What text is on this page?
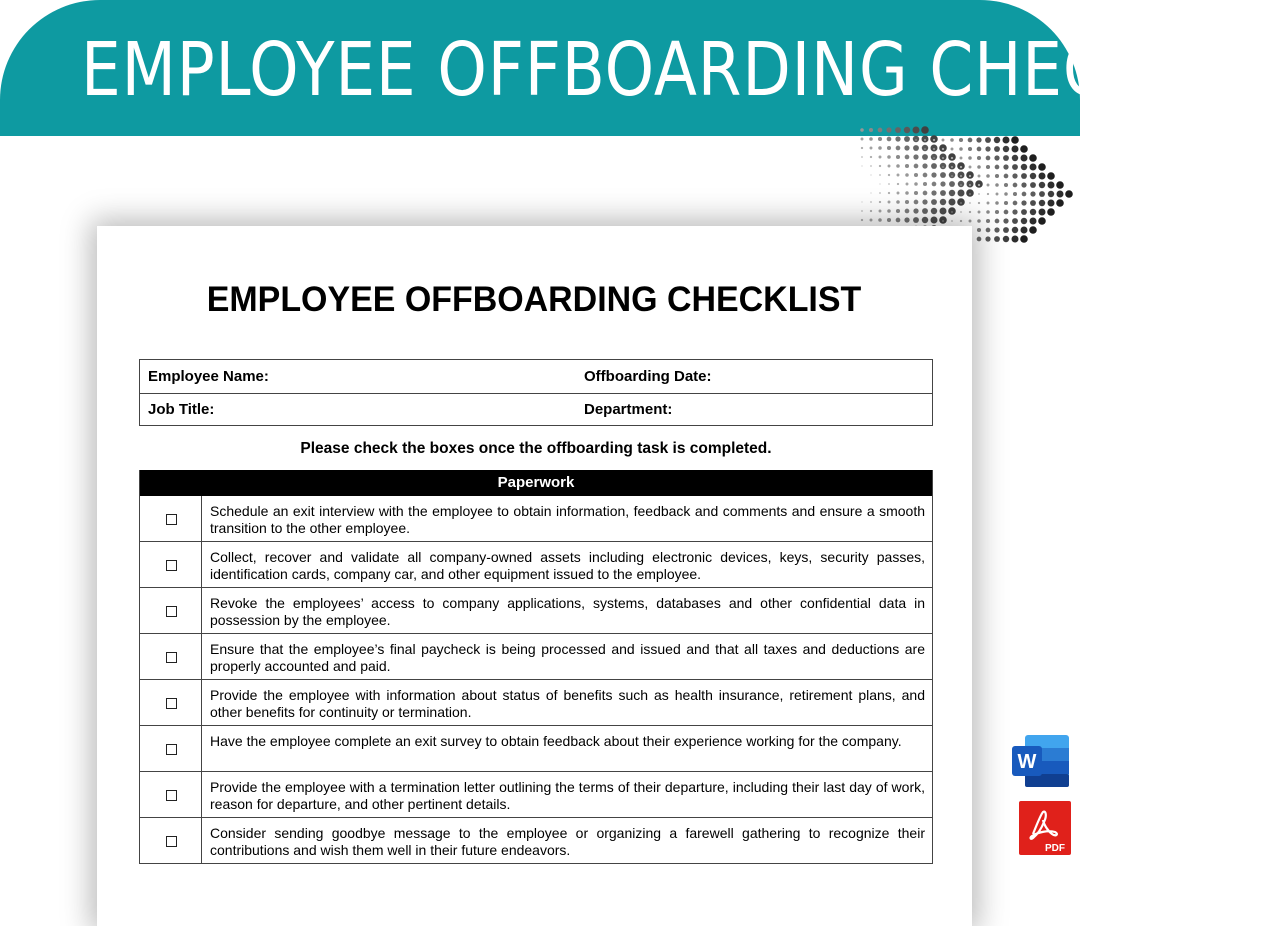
EMPLOYEE OFFBOARDING CHECKLIST
EMPLOYEE OFFBOARDING CHECKLIST
Employee Name:	Offboarding Date:
Job Title:	Department:
Please check the boxes once the offboarding task is completed.
Paperwork
Schedule an exit interview with the employee to obtain information, feedback and comments and ensure a smooth transition to the other employee.
Collect, recover and validate all company-owned assets including electronic devices, keys, security passes, identification cards, company car, and other equipment issued to the employee.
Revoke the employees’ access to company applications, systems, databases and other confidential data in possession by the employee.
Ensure that the employee’s final paycheck is being processed and issued and that all taxes and deductions are properly accounted and paid.
Provide the employee with information about status of benefits such as health insurance, retirement plans, and other benefits for continuity or termination.
Have the employee complete an exit survey to obtain feedback about their experience working for the company.
Provide the employee with a termination letter outlining the terms of their departure, including their last day of work, reason for departure, and other pertinent details.
Consider sending goodbye message to the employee or organizing a farewell gathering to recognize their contributions and wish them well in their future endeavors.
W
PDF
